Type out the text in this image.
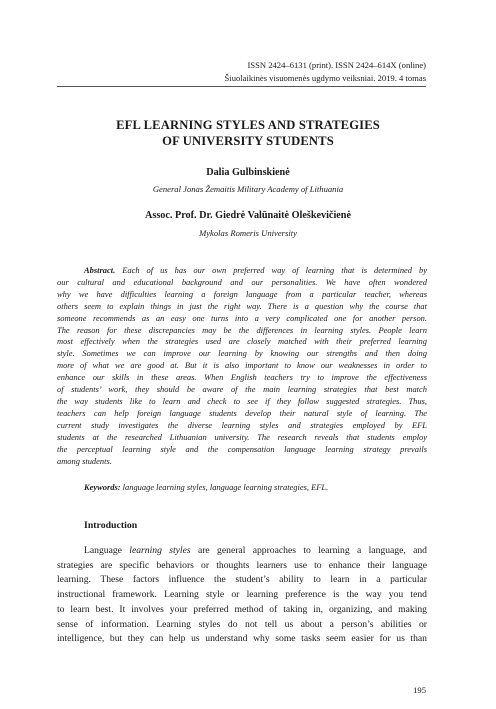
ISSN 2424–6131 (print). ISSN 2424–614X (online)
Šiuolaikinės visuomenės ugdymo veiksniai. 2019. 4 tomas
EFL LEARNING STYLES AND STRATEGIES
OF UNIVERSITY STUDENTS
Dalia Gulbinskienė
General Jonas Žemaitis Military Academy of Lithuania
Assoc. Prof. Dr. Giedrė Valūnaitė Oleškevičienė
Mykolas Romeris University
Abstract. Each of us has our own preferred way of learning that is determined by
our cultural and educational background and our personalities. We have often wondered
why we have difficulties learning a foreign language from a particular teacher, whereas
others seem to explain things in just the right way. There is a question why the course that
someone recommends as an easy one turns into a very complicated one for another person.
The reason for these discrepancies may be the differences in learning styles. People learn
most effectively when the strategies used are closely matched with their preferred learning
style. Sometimes we can improve our learning by knowing our strengths and then doing
more of what we are good at. But it is also important to know our weaknesses in order to
enhance our skills in these areas. When English teachers try to improve the effectiveness
of students’ work, they should be aware of the main learning strategies that best match
the way students like to learn and check to see if they follow suggested strategies. Thus,
teachers can help foreign language students develop their natural style of learning. The
current study investigates the diverse learning styles and strategies employed by EFL
students at the researched Lithuanian university. The research reveals that students employ
the perceptual learning style and the compensation language learning strategy prevails
among students.
Keywords: language learning styles, language learning strategies, EFL.
Introduction
Language learning styles are general approaches to learning a language, and
strategies are specific behaviors or thoughts learners use to enhance their language
learning. These factors influence the student’s ability to learn in a particular
instructional framework. Learning style or learning preference is the way you tend
to learn best. It involves your preferred method of taking in, organizing, and making
sense of information. Learning styles do not tell us about a person’s abilities or
intelligence, but they can help us understand why some tasks seem easier for us than
195
